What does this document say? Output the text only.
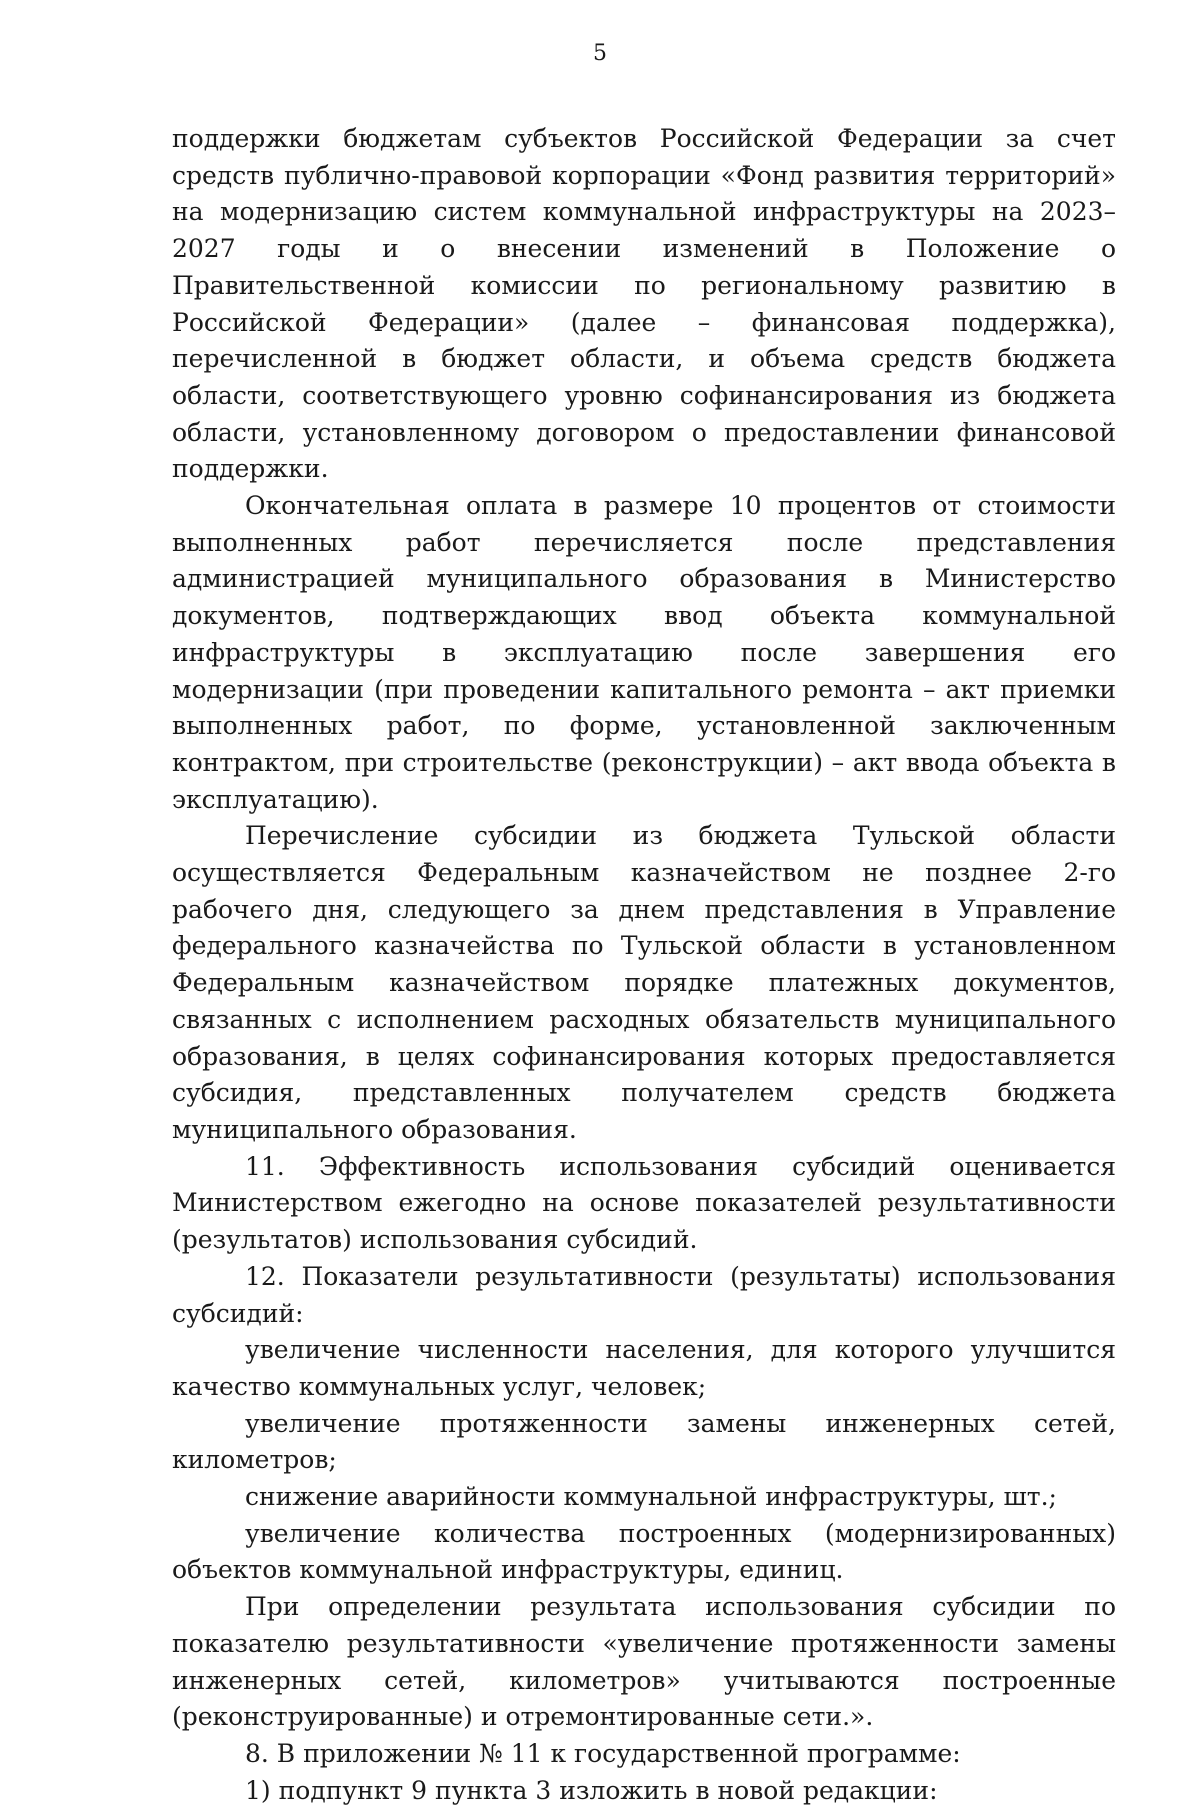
5

поддержки бюджетам субъектов Российской Федерации за счет средств публично-правовой корпорации «Фонд развития территорий» на модернизацию систем коммунальной инфраструктуры на 2023–2027 годы и о внесении изменений в Положение о Правительственной комиссии по региональному развитию в Российской Федерации» (далее – финансовая поддержка), перечисленной в бюджет области, и объема средств бюджета области, соответствующего уровню софинансирования из бюджета области, установленному договором о предоставлении финансовой поддержки.

Окончательная оплата в размере 10 процентов от стоимости выполненных работ перечисляется после представления администрацией муниципального образования в Министерство документов, подтверждающих ввод объекта коммунальной инфраструктуры в эксплуатацию после завершения его модернизации (при проведении капитального ремонта – акт приемки выполненных работ, по форме, установленной заключенным контрактом, при строительстве (реконструкции) – акт ввода объекта в эксплуатацию).

Перечисление субсидии из бюджета Тульской области осуществляется Федеральным казначейством не позднее 2-го рабочего дня, следующего за днем представления в Управление федерального казначейства по Тульской области в установленном Федеральным казначейством порядке платежных документов, связанных с исполнением расходных обязательств муниципального образования, в целях софинансирования которых предоставляется субсидия, представленных получателем средств бюджета муниципального образования.

11. Эффективность использования субсидий оценивается Министерством ежегодно на основе показателей результативности (результатов) использования субсидий.

12. Показатели результативности (результаты) использования субсидий:

увеличение численности населения, для которого улучшится качество коммунальных услуг, человек;

увеличение протяженности замены инженерных сетей, километров;

снижение аварийности коммунальной инфраструктуры, шт.;

увеличение количества построенных (модернизированных) объектов коммунальной инфраструктуры, единиц.

При определении результата использования субсидии по показателю результативности «увеличение протяженности замены инженерных сетей, километров» учитываются построенные (реконструированные) и отремонтированные сети.».

8. В приложении № 11 к государственной программе:

1) подпункт 9 пункта 3 изложить в новой редакции:
